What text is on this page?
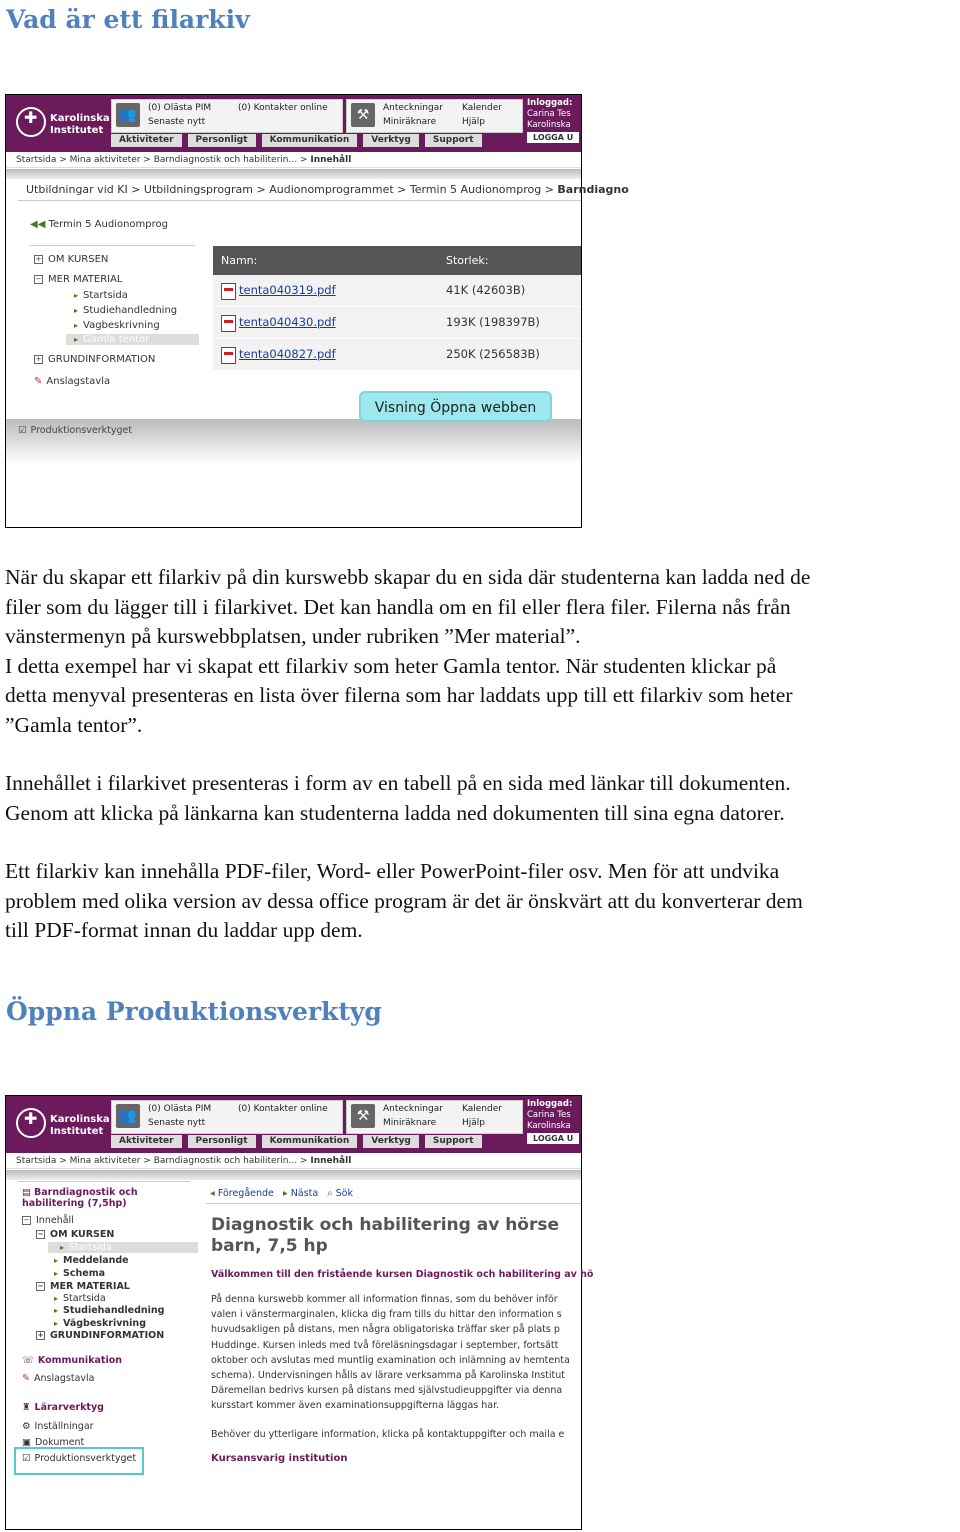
Vad är ett filarkiv
✚
Karolinska
Institutet
👥	(0) Olästa PIM	(0) Kontakter online
Senaste nytt	⚒	Anteckningar Kalender
Miniräknare	Hjälp
Inloggad:
Carina Tes
Karolinska
LOGGA U
Aktiviteter	Personligt	Kommunikation	Verktyg	Support
Startsida > Mina aktiviteter > Barndiagnostik och habiliterin... > Innehåll
Utbildningar vid KI > Utbildningsprogram > Audionomprogrammet > Termin 5 Audionomprog > Barndiagno
◀◀ Termin 5 Audionomprog
+ OM KURSEN
− MER MATERIAL
▸ Startsida
▸ Studiehandledning
▸ Vagbeskrivning
▸ Gamla tentor
+ GRUNDINFORMATION
✎ Anslagstavla
Namn:	Storlek:
tenta040319.pdf	41K (42603B)
tenta040430.pdf	193K (198397B)
tenta040827.pdf	250K (256583B)
☑ Produktionsverktyget
Visning Öppna webben
När du skapar ett filarkiv på din kurswebb skapar du en sida där studenterna kan ladda ned de
filer som du lägger till i filarkivet. Det kan handla om en fil eller flera filer. Filerna nås från
vänstermenyn på kurswebbplatsen, under rubriken ”Mer material”.
I detta exempel har vi skapat ett filarkiv som heter Gamla tentor. När studenten klickar på
detta menyval presenteras en lista över filerna som har laddats upp till ett filarkiv som heter
”Gamla tentor”.
Innehållet i filarkivet presenteras i form av en tabell på en sida med länkar till dokumenten.
Genom att klicka på länkarna kan studenterna ladda ned dokumenten till sina egna datorer.
Ett filarkiv kan innehålla PDF-filer, Word- eller PowerPoint-filer osv. Men för att undvika
problem med olika version av dessa office program är det är önskvärt att du konverterar dem
till PDF-format innan du laddar upp dem.
Öppna Produktionsverktyg
✚
Karolinska
Institutet
👥	(0) Olästa PIM	(0) Kontakter online
Senaste nytt	⚒	Anteckningar Kalender
Miniräknare	Hjälp
Inloggad:
Carina Tes
Karolinska
LOGGA U
Aktiviteter	Personligt	Kommunikation	Verktyg	Support
Startsida > Mina aktiviteter > Barndiagnostik och habiliterin... > Innehåll
▤ Barndiagnostik och
habilitering (7,5hp)
− Innehåll
− OM KURSEN
▸ Startsida
▸ Meddelande
▸ Schema
− MER MATERIAL
▸ Startsida
▸ Studiehandledning
▸ Vägbeskrivning
+ GRUNDINFORMATION
☏ Kommunikation
✎ Anslagstavla
♜ Lärarverktyg
⚙ Inställningar
▣ Dokument
☑ Produktionsverktyget
◂ Föregående ▸ Nästa ⌕ Sök
Diagnostik och habilitering av hörse
barn, 7,5 hp
Välkommen till den fristående kursen Diagnostik och habilitering av hö
På denna kurswebb kommer all information finnas, som du behöver inför
valen i vänstermarginalen, klicka dig fram tills du hittar den information s
huvudsakligen på distans, men några obligatoriska träffar sker på plats p
Huddinge. Kursen inleds med två föreläsningsdagar i september, fortsätt
oktober och avslutas med muntlig examination och inlämning av hemtenta
schema). Undervisningen hålls av lärare verksamma på Karolinska Institut
Däremellan bedrivs kursen på distans med självstudieuppgifter via denna
kursstart kommer även examinationsuppgifterna läggas har.
Behöver du ytterligare information, klicka på kontaktuppgifter och maila e
Kursansvarig institution
